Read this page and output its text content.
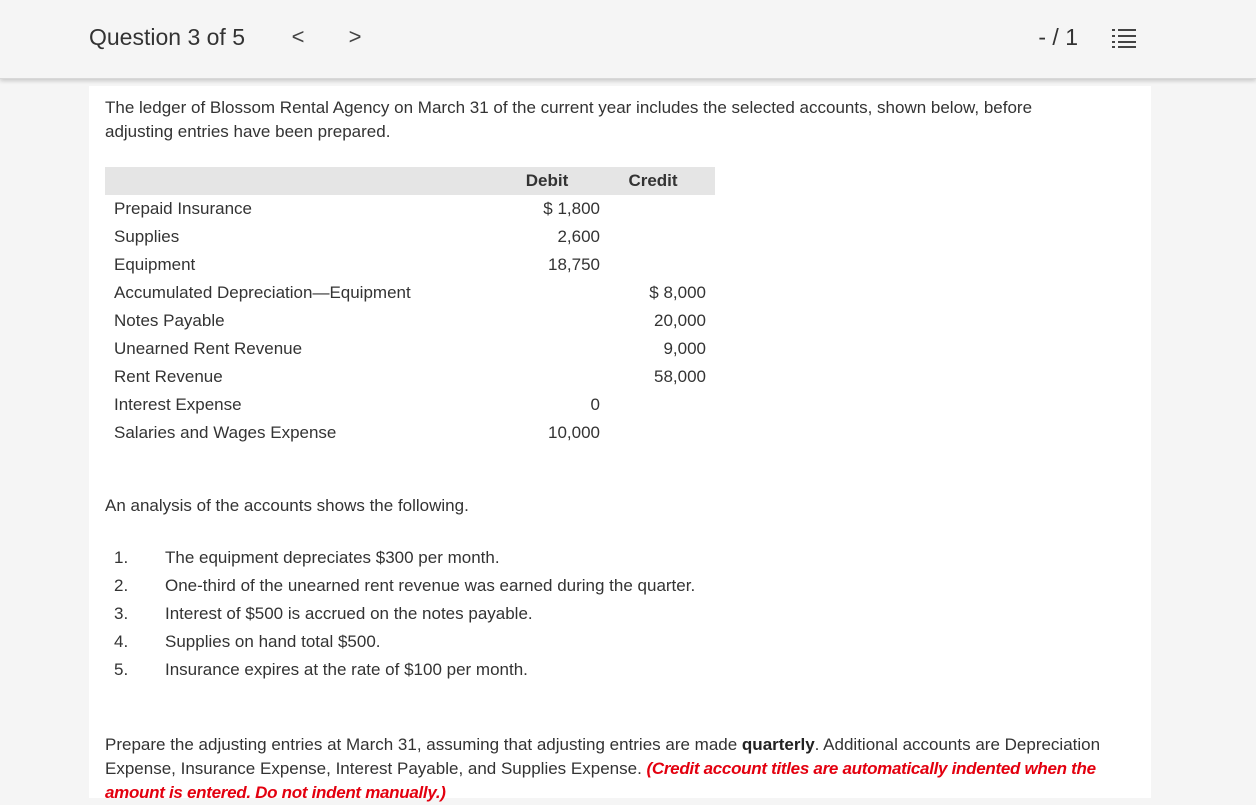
Question 3 of 5 < >	- / 1
The ledger of Blossom Rental Agency on March 31 of the current year includes the selected accounts, shown below, before adjusting entries have been prepared.
	Debit	Credit
Prepaid Insurance	$ 1,800	
Supplies	2,600	
Equipment	18,750	
Accumulated Depreciation—Equipment		$ 8,000
Notes Payable		20,000
Unearned Rent Revenue		9,000
Rent Revenue		58,000
Interest Expense	0	
Salaries and Wages Expense	10,000	
An analysis of the accounts shows the following.
1. The equipment depreciates $300 per month.
2. One-third of the unearned rent revenue was earned during the quarter.
3. Interest of $500 is accrued on the notes payable.
4. Supplies on hand total $500.
5. Insurance expires at the rate of $100 per month.
Prepare the adjusting entries at March 31, assuming that adjusting entries are made quarterly. Additional accounts are Depreciation Expense, Insurance Expense, Interest Payable, and Supplies Expense. (Credit account titles are automatically indented when the amount is entered. Do not indent manually.)
